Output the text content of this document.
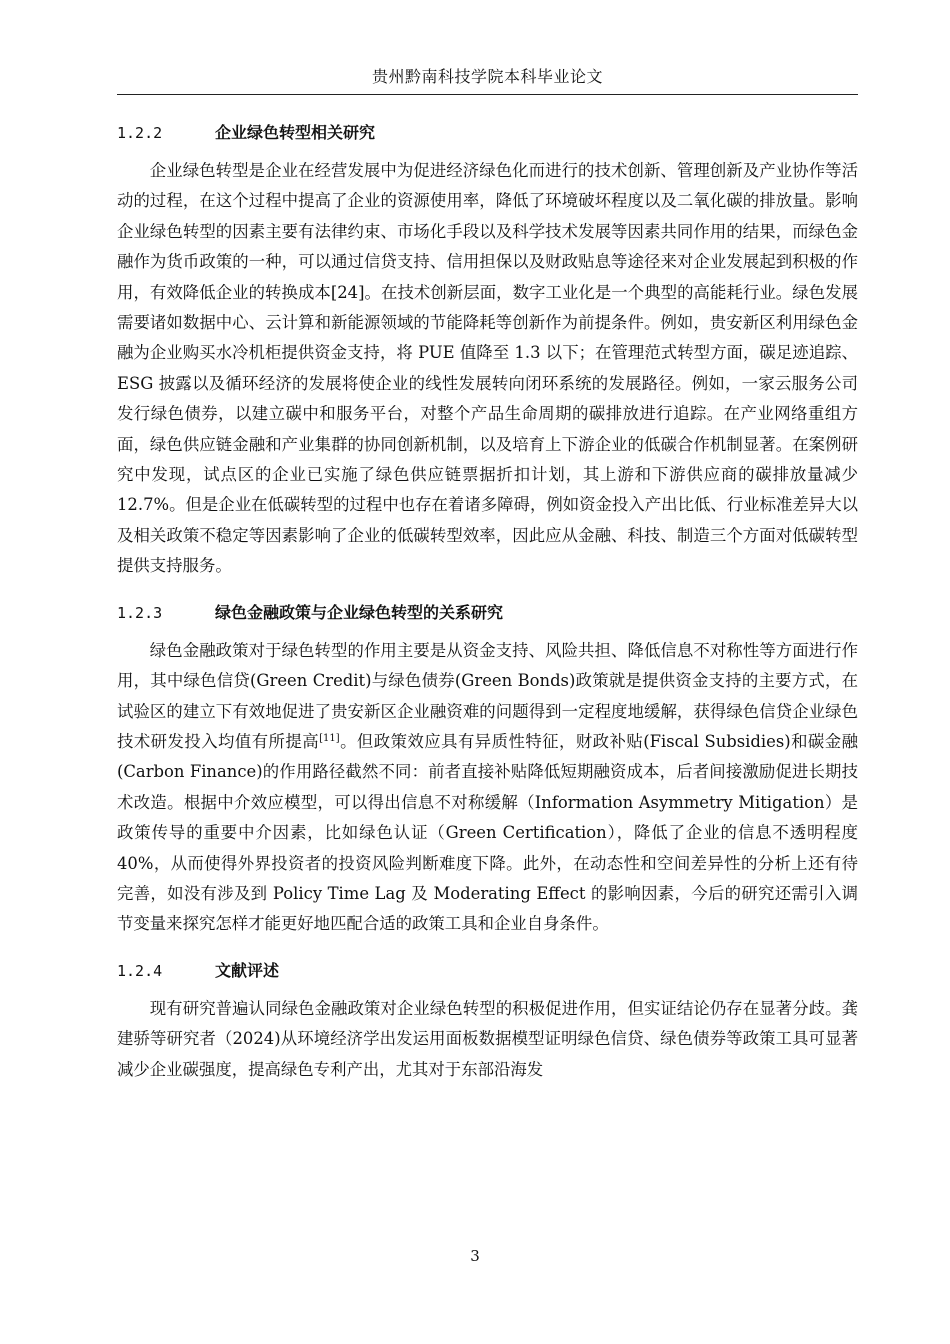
贵州黔南科技学院本科毕业论文
1.2.2	企业绿色转型相关研究

企业绿色转型是企业在经营发展中为促进经济绿色化而进行的技术创新、管理创新及产业协作等活动的过程，在这个过程中提高了企业的资源使用率，降低了环境破坏程度以及二氧化碳的排放量。影响企业绿色转型的因素主要有法律约束、市场化手段以及科学技术发展等因素共同作用的结果，而绿色金融作为货币政策的一种，可以通过信贷支持、信用担保以及财政贴息等途径来对企业发展起到积极的作用，有效降低企业的转换成本[24]。在技术创新层面，数字工业化是一个典型的高能耗行业。绿色发展需要诸如数据中心、云计算和新能源领域的节能降耗等创新作为前提条件。例如，贵安新区利用绿色金融为企业购买水冷机柜提供资金支持，将 PUE 值降至 1.3 以下；在管理范式转型方面，碳足迹追踪、ESG 披露以及循环经济的发展将使企业的线性发展转向闭环系统的发展路径。例如，一家云服务公司发行绿色债券，以建立碳中和服务平台，对整个产品生命周期的碳排放进行追踪。在产业网络重组方面，绿色供应链金融和产业集群的协同创新机制，以及培育上下游企业的低碳合作机制显著。在案例研究中发现，试点区的企业已实施了绿色供应链票据折扣计划，其上游和下游供应商的碳排放量减少 12.7%。但是企业在低碳转型的过程中也存在着诸多障碍，例如资金投入产出比低、行业标准差异大以及相关政策不稳定等因素影响了企业的低碳转型效率，因此应从金融、科技、制造三个方面对低碳转型提供支持服务。

1.2.3	绿色金融政策与企业绿色转型的关系研究

绿色金融政策对于绿色转型的作用主要是从资金支持、风险共担、降低信息不对称性等方面进行作用，其中绿色信贷(Green Credit)与绿色债券(Green Bonds)政策就是提供资金支持的主要方式，在试验区的建立下有效地促进了贵安新区企业融资难的问题得到一定程度地缓解，获得绿色信贷企业绿色技术研发投入均值有所提高[11]。但政策效应具有异质性特征，财政补贴(Fiscal Subsidies)和碳金融(Carbon Finance)的作用路径截然不同：前者直接补贴降低短期融资成本，后者间接激励促进长期技术改造。根据中介效应模型，可以得出信息不对称缓解（Information Asymmetry Mitigation）是政策传导的重要中介因素，比如绿色认证（Green Certification），降低了企业的信息不透明程度 40%，从而使得外界投资者的投资风险判断难度下降。此外，在动态性和空间差异性的分析上还有待完善，如没有涉及到 Policy Time Lag 及 Moderating Effect 的影响因素，今后的研究还需引入调节变量来探究怎样才能更好地匹配合适的政策工具和企业自身条件。

1.2.4	文献评述

现有研究普遍认同绿色金融政策对企业绿色转型的积极促进作用，但实证结论仍存在显著分歧。龚建骄等研究者（2024)从环境经济学出发运用面板数据模型证明绿色信贷、绿色债券等政策工具可显著减少企业碳强度，提高绿色专利产出，尤其对于东部沿海发

3
